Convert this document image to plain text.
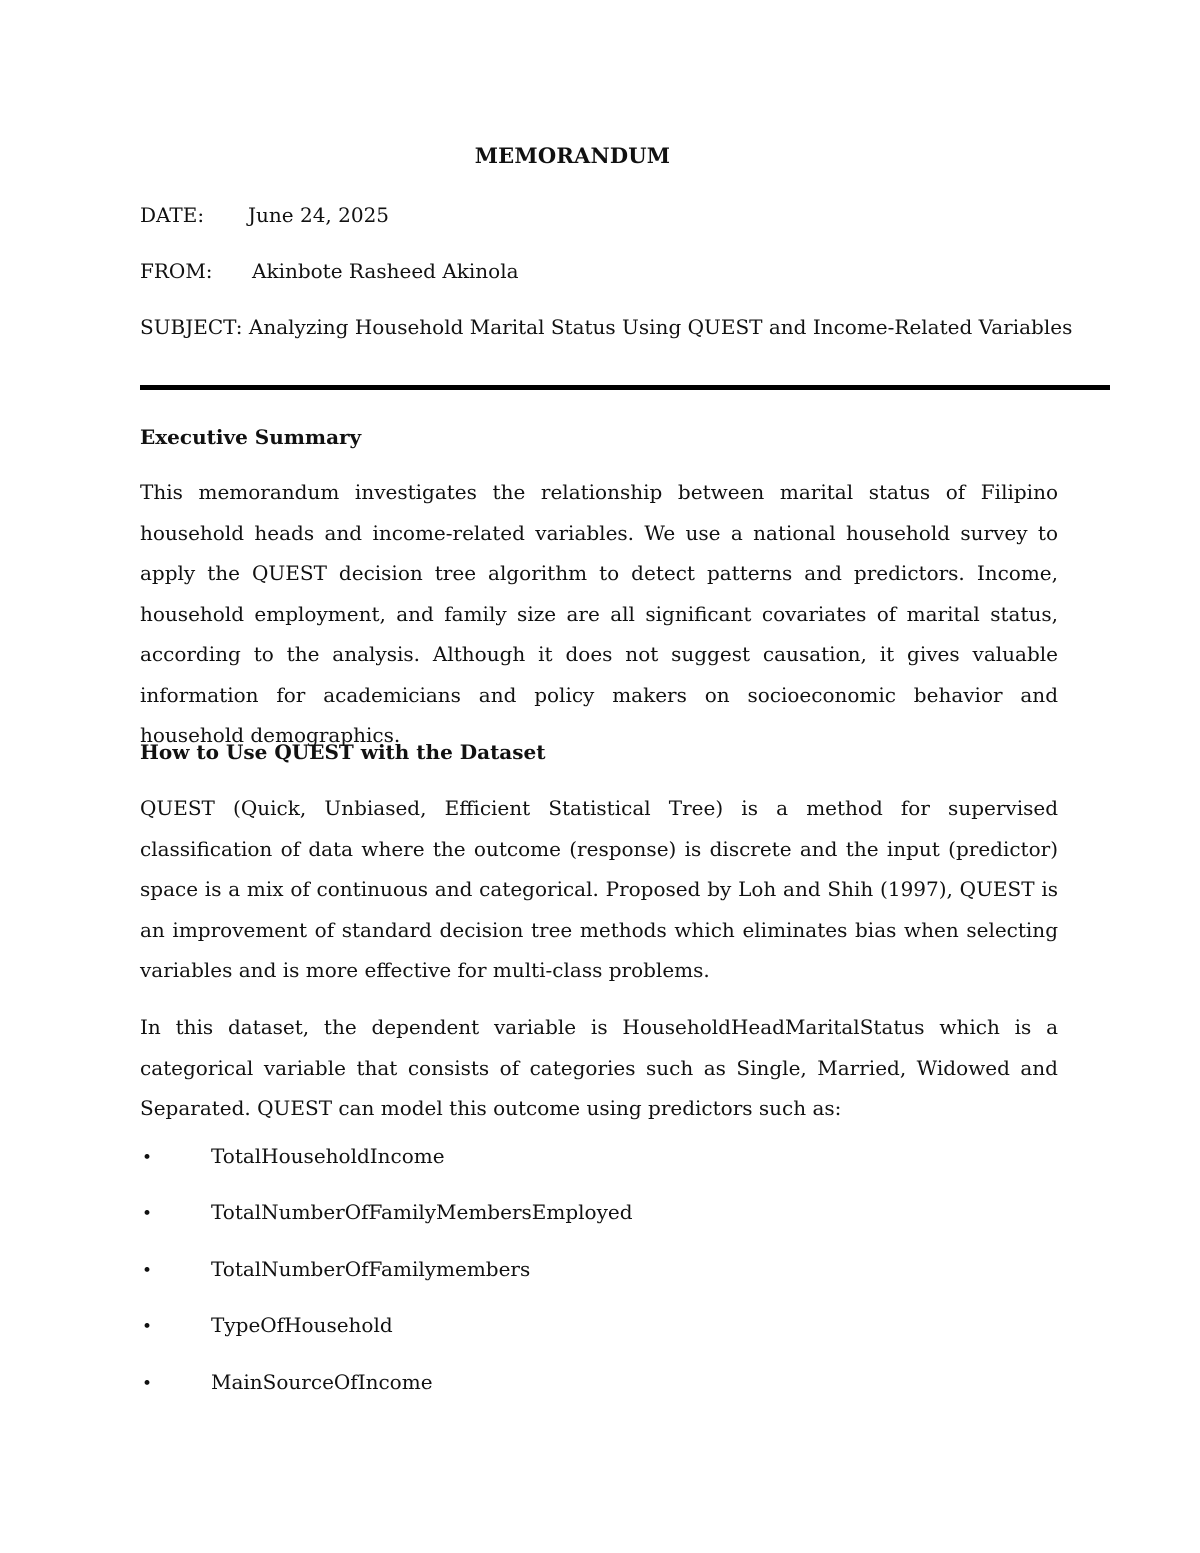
MEMORANDUM
DATE: June 24, 2025
FROM: Akinbote Rasheed Akinola
SUBJECT: Analyzing Household Marital Status Using QUEST and Income-Related Variables
Executive Summary

This memorandum investigates the relationship between marital status of Filipino household heads and income-related variables. We use a national household survey to apply the QUEST decision tree algorithm to detect patterns and predictors. Income, household employment, and family size are all significant covariates of marital status, according to the analysis. Although it does not suggest causation, it gives valuable information for academicians and policy makers on socioeconomic behavior and household demographics.

How to Use QUEST with the Dataset

QUEST (Quick, Unbiased, Efficient Statistical Tree) is a method for supervised classification of data where the outcome (response) is discrete and the input (predictor) space is a mix of continuous and categorical. Proposed by Loh and Shih (1997), QUEST is an improvement of standard decision tree methods which eliminates bias when selecting variables and is more effective for multi-class problems.

In this dataset, the dependent variable is HouseholdHeadMaritalStatus which is a categorical variable that consists of categories such as Single, Married, Widowed and Separated. QUEST can model this outcome using predictors such as:

•	TotalHouseholdIncome
•	TotalNumberOfFamilyMembersEmployed
•	TotalNumberOfFamilymembers
•	TypeOfHousehold
•	MainSourceOfIncome
